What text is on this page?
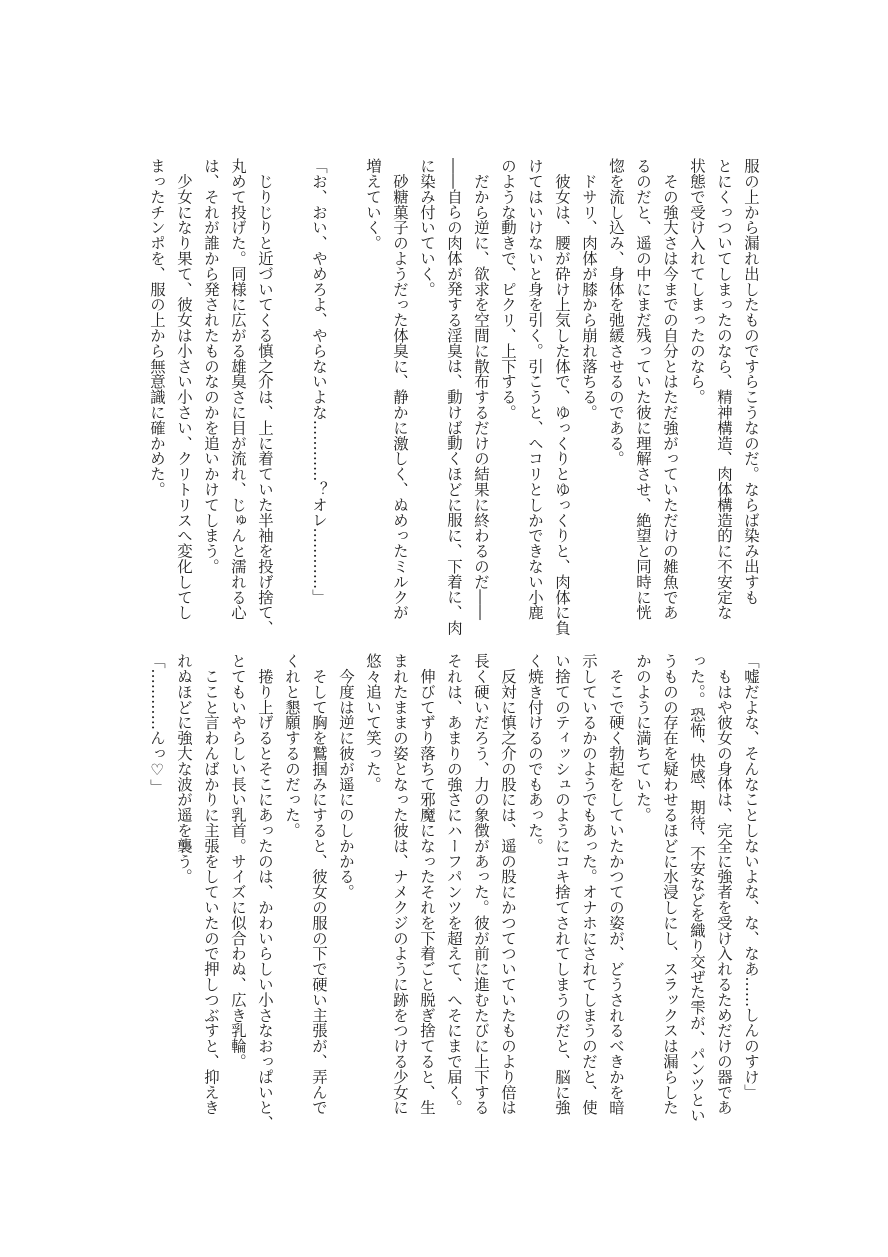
服の上から漏れ出したものですらこうなのだ。ならば染み出すも
とにくっついてしまったのなら、精神構造、肉体構造的に不安定な
状態で受け入れてしまったのなら。
　その強大さは今までの自分とはただ強がっていただけの雑魚であ
るのだと、遥の中にまだ残っていた彼に理解させ、絶望と同時に恍
惚を流し込み、身体を弛緩させるのである。
　ドサリ、肉体が膝から崩れ落ちる。
　彼女は、腰が砕け上気した体で、ゆっくりとゆっくりと、肉体に負
けてはいけないと身を引く。引こうと、ヘコリとしかできない小鹿
のような動きで、ピクリ、上下する。
　だから逆に、欲求を空間に散布するだけの結果に終わるのだ――
――自らの肉体が発する淫臭は、動けば動くほどに服に、下着に、肉
に染み付いていく。
　砂糖菓子のようだった体臭に、静かに激しく、ぬめったミルクが
増えていく。
「お、おい、やめろよ、やらないよな…………？オレ…………」
　じりじりと近づいてくる慎之介は、上に着ていた半袖を投げ捨て、
丸めて投げた。同様に広がる雄臭さに目が流れ、じゅんと濡れる心
は、それが誰から発されたものなのかを追いかけてしまう。
　少女になり果て、彼女は小さい小さい、クリトリスへ変化してし
まったチンポを、服の上から無意識に確かめた。
「嘘だよな、そんなことしないよな、な、なあ……しんのすけ」
　もはや彼女の身体は、完全に強者を受け入れるためだけの器であ
った。。恐怖、快感、期待、不安などを織り交ぜた雫が、パンツとい
うものの存在を疑わせるほどに水浸しにし、スラックスは漏らした
かのように満ちていた。
　そこで硬く勃起をしていたかつての姿が、どうされるべきかを暗
示しているかのようでもあった。オナホにされてしまうのだと、使
い捨てのティッシュのようにコキ捨てされてしまうのだと、脳に強
く焼き付けるのでもあった。
　反対に慎之介の股には、遥の股にかつてついていたものより倍は
長く硬いだろう、力の象徴があった。彼が前に進むたびに上下する
それは、あまりの強さにハーフパンツを超えて、へそにまで届く。
　伸びてずり落ちて邪魔になったそれを下着ごと脱ぎ捨てると、生
まれたままの姿となった彼は、ナメクジのように跡をつける少女に
悠々追いて笑った。
　今度は逆に彼が遥にのしかかる。
　そして胸を鷲掴みにすると、彼女の服の下で硬い主張が、弄んで
くれと懇願するのだった。
　捲り上げるとそこにあったのは、かわいらしい小さなおっぱいと、
とてもいやらしい長い乳首。サイズに似合わぬ、広き乳輪。
　ここと言わんばかりに主張をしていたので押しつぶすと、抑えき
れぬほどに強大な波が遥を襲う。
「…………んっ♡」
